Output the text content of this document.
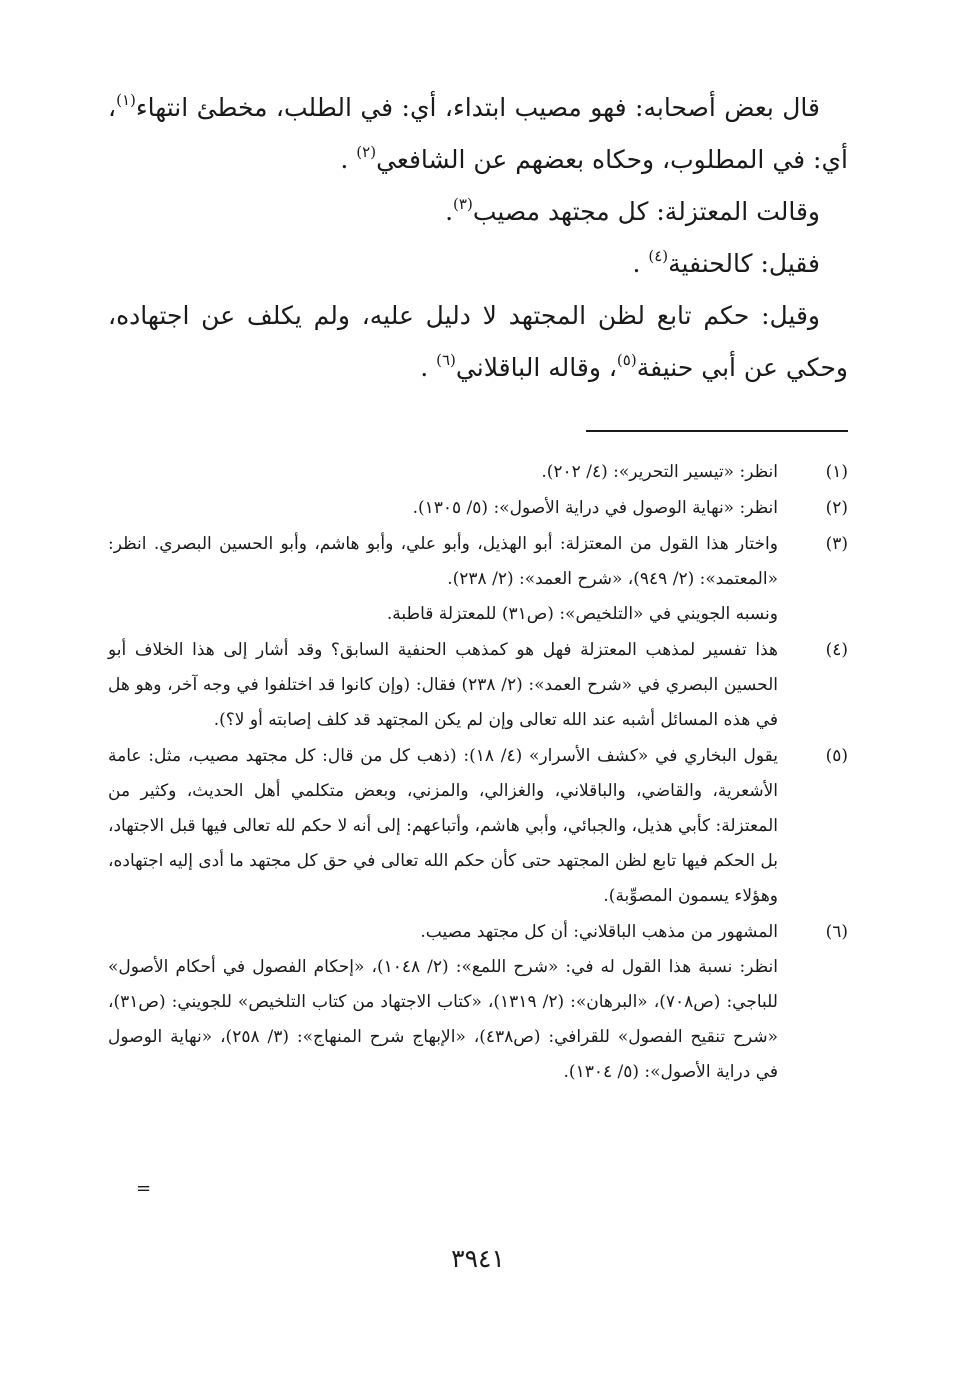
قال بعض أصحابه: فهو مصيب ابتداء، أي: في الطلب، مخطئ انتهاء$^{(١)}$، أي: في المطلوب، وحكاه بعضهم عن الشافعي$^{(٢)}$ .

وقالت المعتزلة: كل مجتهد مصيب$^{(٣)}$.

فقيل: كالحنفية$^{(٤)}$ .

وقيل: حكم تابع لظن المجتهد لا دليل عليه، ولم يكلف عن اجتهاده، وحكي عن أبي حنيفة$^{(٥)}$، وقاله الباقلاني$^{(٦)}$ .

(١)
انظر: «تيسير التحرير»: (٤/ ٢٠٢).
(٢)
انظر: «نهاية الوصول في دراية الأصول»: (٥/ ١٣٠٥).
(٣)
واختار هذا القول من المعتزلة: أبو الهذيل، وأبو علي، وأبو هاشم، وأبو الحسين البصري. انظر: «المعتمد»: (٢/ ٩٤٩)، «شرح العمد»: (٢/ ٢٣٨).
ونسبه الجويني في «التلخيص»: (ص٣١) للمعتزلة قاطبة.
(٤)
هذا تفسير لمذهب المعتزلة فهل هو كمذهب الحنفية السابق؟ وقد أشار إلى هذا الخلاف أبو الحسين البصري في «شرح العمد»: (٢/ ٢٣٨) فقال: (وإن كانوا قد اختلفوا في وجه آخر، وهو هل في هذه المسائل أشبه عند الله تعالى وإن لم يكن المجتهد قد كلف إصابته أو لا؟).
(٥)
يقول البخاري في «كشف الأسرار» (٤/ ١٨): (ذهب كل من قال: كل مجتهد مصيب، مثل: عامة الأشعرية، والقاضي، والباقلاني، والغزالي، والمزني، وبعض متكلمي أهل الحديث، وكثير من المعتزلة: كأبي هذيل، والجبائي، وأبي هاشم، وأتباعهم: إلى أنه لا حكم لله تعالى فيها قبل الاجتهاد، بل الحكم فيها تابع لظن المجتهد حتى كأن حكم الله تعالى في حق كل مجتهد ما أدى إليه اجتهاده، وهؤلاء يسمون المصوِّبة).
(٦)
المشهور من مذهب الباقلاني: أن كل مجتهد مصيب.
انظر: نسبة هذا القول له في: «شرح اللمع»: (٢/ ١٠٤٨)، «إحكام الفصول في أحكام الأصول» للباجي: (ص٧٠٨)، «البرهان»: (٢/ ١٣١٩)، «كتاب الاجتهاد من كتاب التلخيص» للجويني: (ص٣١)، «شرح تنقيح الفصول» للقرافي: (ص٤٣٨)، «الإبهاج شرح المنهاج»: (٣/ ٢٥٨)، «نهاية الوصول في دراية الأصول»: (٥/ ١٣٠٤).
=
٣٩٤١
